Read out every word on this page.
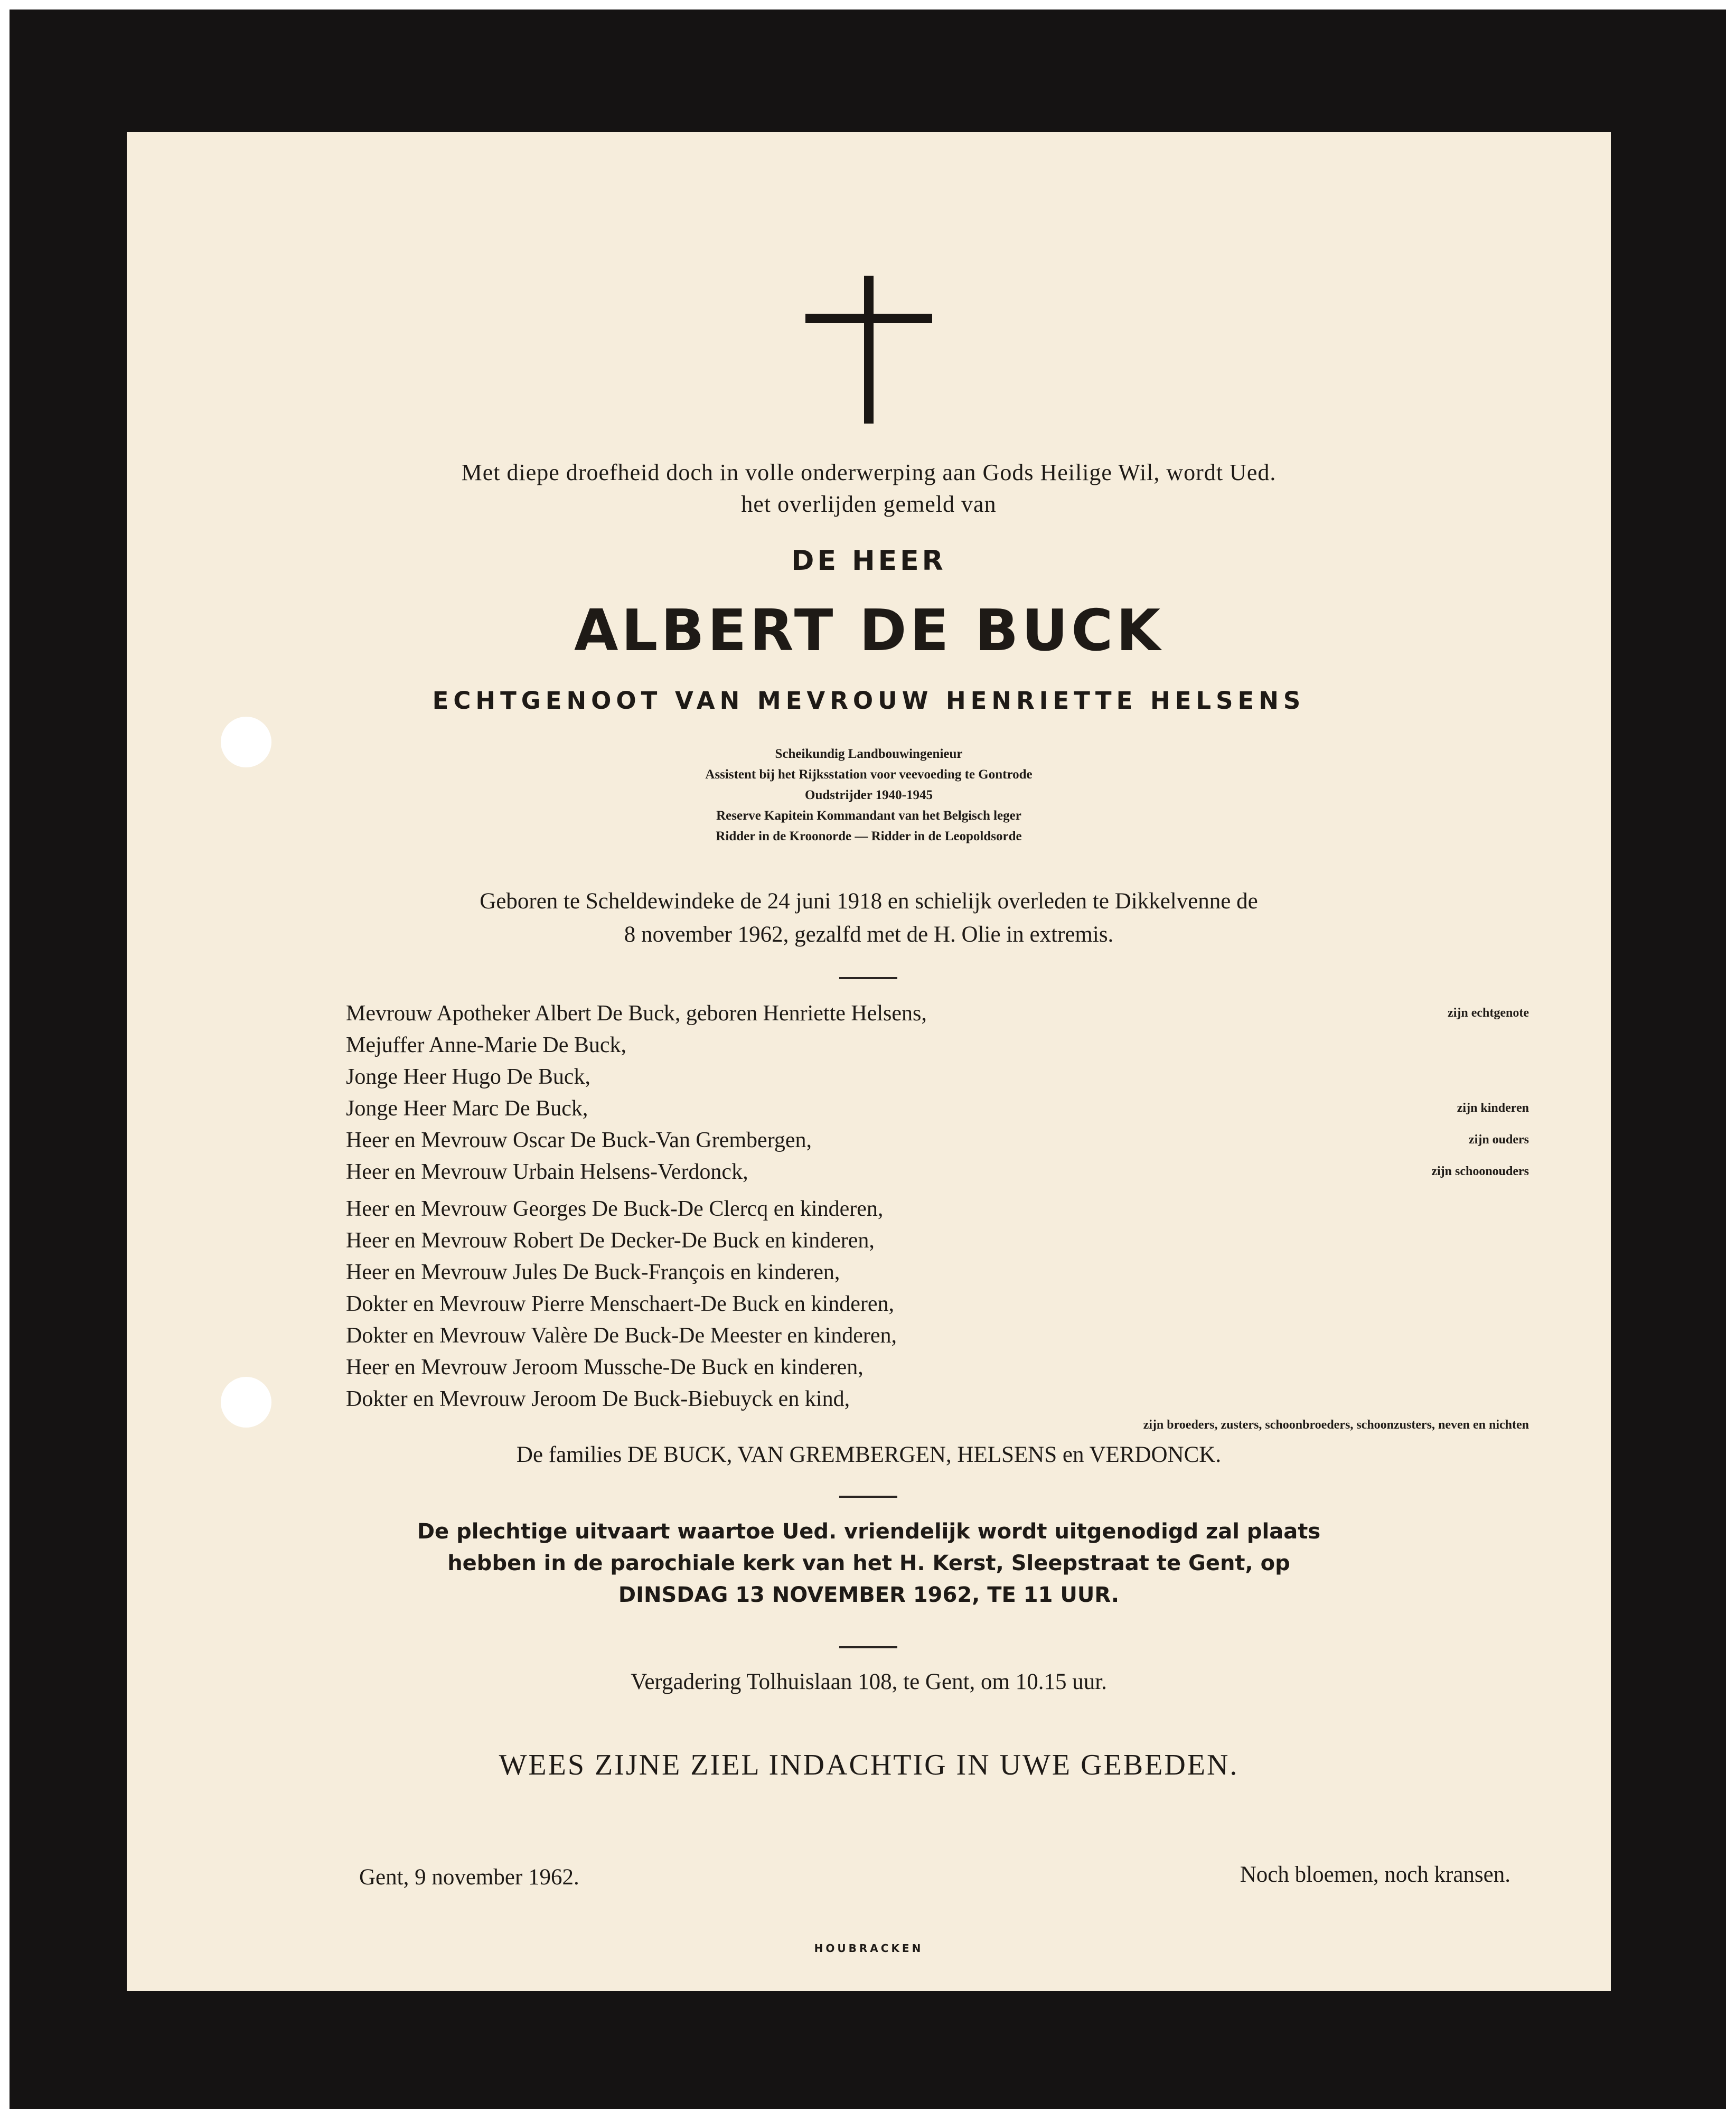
Met diepe droefheid doch in volle onderwerping aan Gods Heilige Wil, wordt Ued.
het overlijden gemeld van
DE HEER
ALBERT DE BUCK
ECHTGENOOT VAN MEVROUW HENRIETTE HELSENS
Scheikundig Landbouwingenieur
Assistent bij het Rijksstation voor veevoeding te Gontrode
Oudstrijder 1940-1945
Reserve Kapitein Kommandant van het Belgisch leger
Ridder in de Kroonorde — Ridder in de Leopoldsorde
Geboren te Scheldewindeke de 24 juni 1918 en schielijk overleden te Dikkelvenne de
8 november 1962, gezalfd met de H. Olie in extremis.
Mevrouw Apotheker Albert De Buck, geboren Henriette Helsens,	zijn echtgenote
Mejuffer Anne-Marie De Buck,
Jonge Heer Hugo De Buck,
Jonge Heer Marc De Buck,	zijn kinderen
Heer en Mevrouw Oscar De Buck-Van Grembergen,	zijn ouders
Heer en Mevrouw Urbain Helsens-Verdonck,	zijn schoonouders
Heer en Mevrouw Georges De Buck-De Clercq en kinderen,
Heer en Mevrouw Robert De Decker-De Buck en kinderen,
Heer en Mevrouw Jules De Buck-François en kinderen,
Dokter en Mevrouw Pierre Menschaert-De Buck en kinderen,
Dokter en Mevrouw Valère De Buck-De Meester en kinderen,
Heer en Mevrouw Jeroom Mussche-De Buck en kinderen,
Dokter en Mevrouw Jeroom De Buck-Biebuyck en kind,
zijn broeders, zusters, schoonbroeders, schoonzusters, neven en nichten
De families DE BUCK, VAN GREMBERGEN, HELSENS en VERDONCK.
De plechtige uitvaart waartoe Ued. vriendelijk wordt uitgenodigd zal plaats
hebben in de parochiale kerk van het H. Kerst, Sleepstraat te Gent, op
DINSDAG 13 NOVEMBER 1962, TE 11 UUR.
Vergadering Tolhuislaan 108, te Gent, om 10.15 uur.
WEES ZIJNE ZIEL INDACHTIG IN UWE GEBEDEN.
Gent, 9 november 1962.	Noch bloemen, noch kransen.
HOUBRACKEN
